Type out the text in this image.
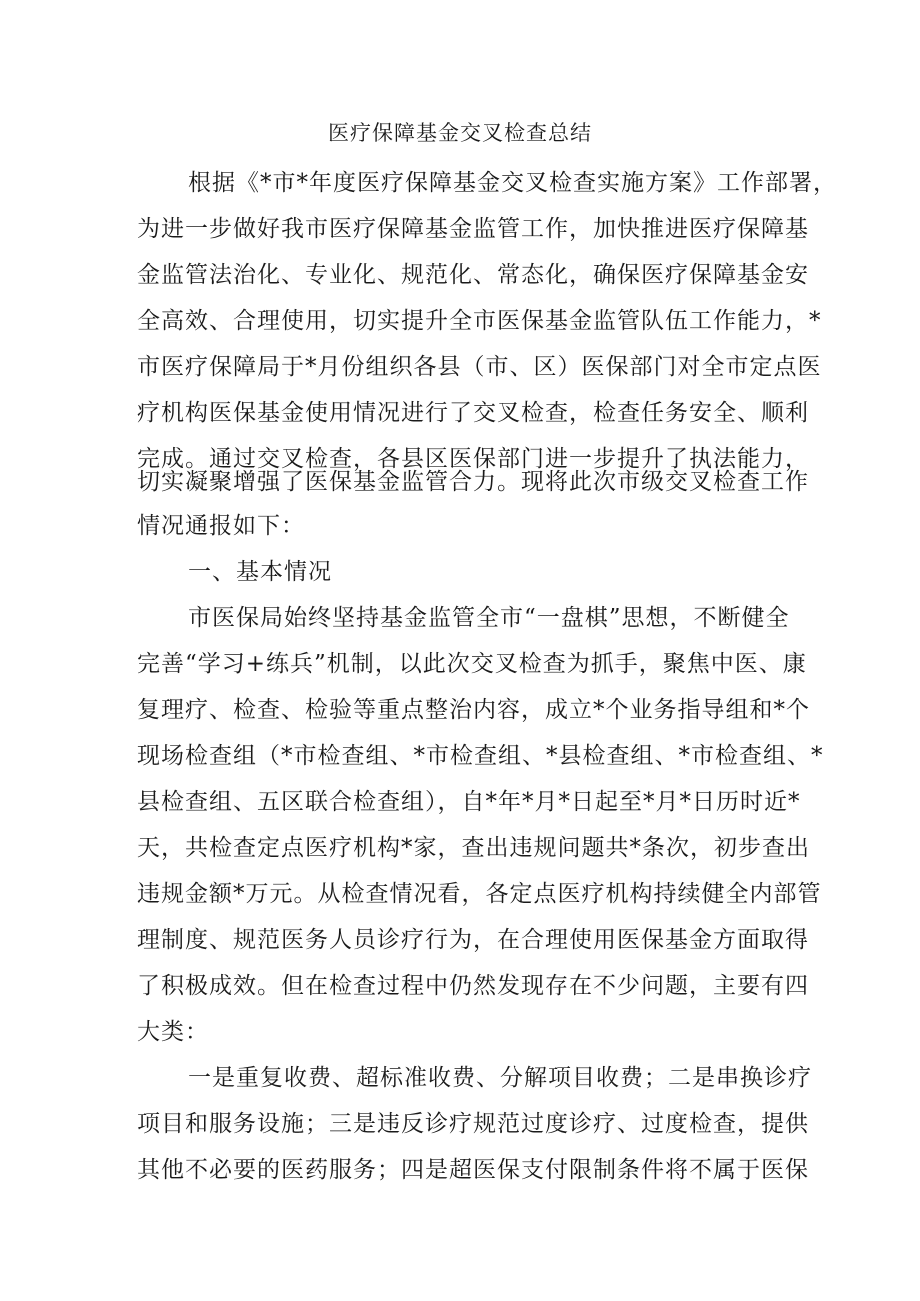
医疗保障基金交叉检查总结
根据《*市*年度医疗保障基金交叉检查实施方案》工作部署，
为进一步做好我市医疗保障基金监管工作，加快推进医疗保障基
金监管法治化、专业化、规范化、常态化，确保医疗保障基金安
全高效、合理使用，切实提升全市医保基金监管队伍工作能力，*
市医疗保障局于*月份组织各县（市、区）医保部门对全市定点医
疗机构医保基金使用情况进行了交叉检查，检查任务安全、顺利
完成。通过交叉检查，各县区医保部门进一步提升了执法能力，
切实凝聚增强了医保基金监管合力。现将此次市级交叉检查工作
情况通报如下：
一、基本情况
市医保局始终坚持基金监管全市“一盘棋”思想，不断健全
完善“学习+练兵”机制，以此次交叉检查为抓手，聚焦中医、康
复理疗、检查、检验等重点整治内容，成立*个业务指导组和*个
现场检查组（*市检查组、*市检查组、*县检查组、*市检查组、*
县检查组、五区联合检查组），自*年*月*日起至*月*日历时近*
天，共检查定点医疗机构*家，查出违规问题共*条次，初步查出
违规金额*万元。从检查情况看，各定点医疗机构持续健全内部管
理制度、规范医务人员诊疗行为，在合理使用医保基金方面取得
了积极成效。但在检查过程中仍然发现存在不少问题，主要有四
大类：
一是重复收费、超标准收费、分解项目收费；二是串换诊疗
项目和服务设施；三是违反诊疗规范过度诊疗、过度检查，提供
其他不必要的医药服务；四是超医保支付限制条件将不属于医保
